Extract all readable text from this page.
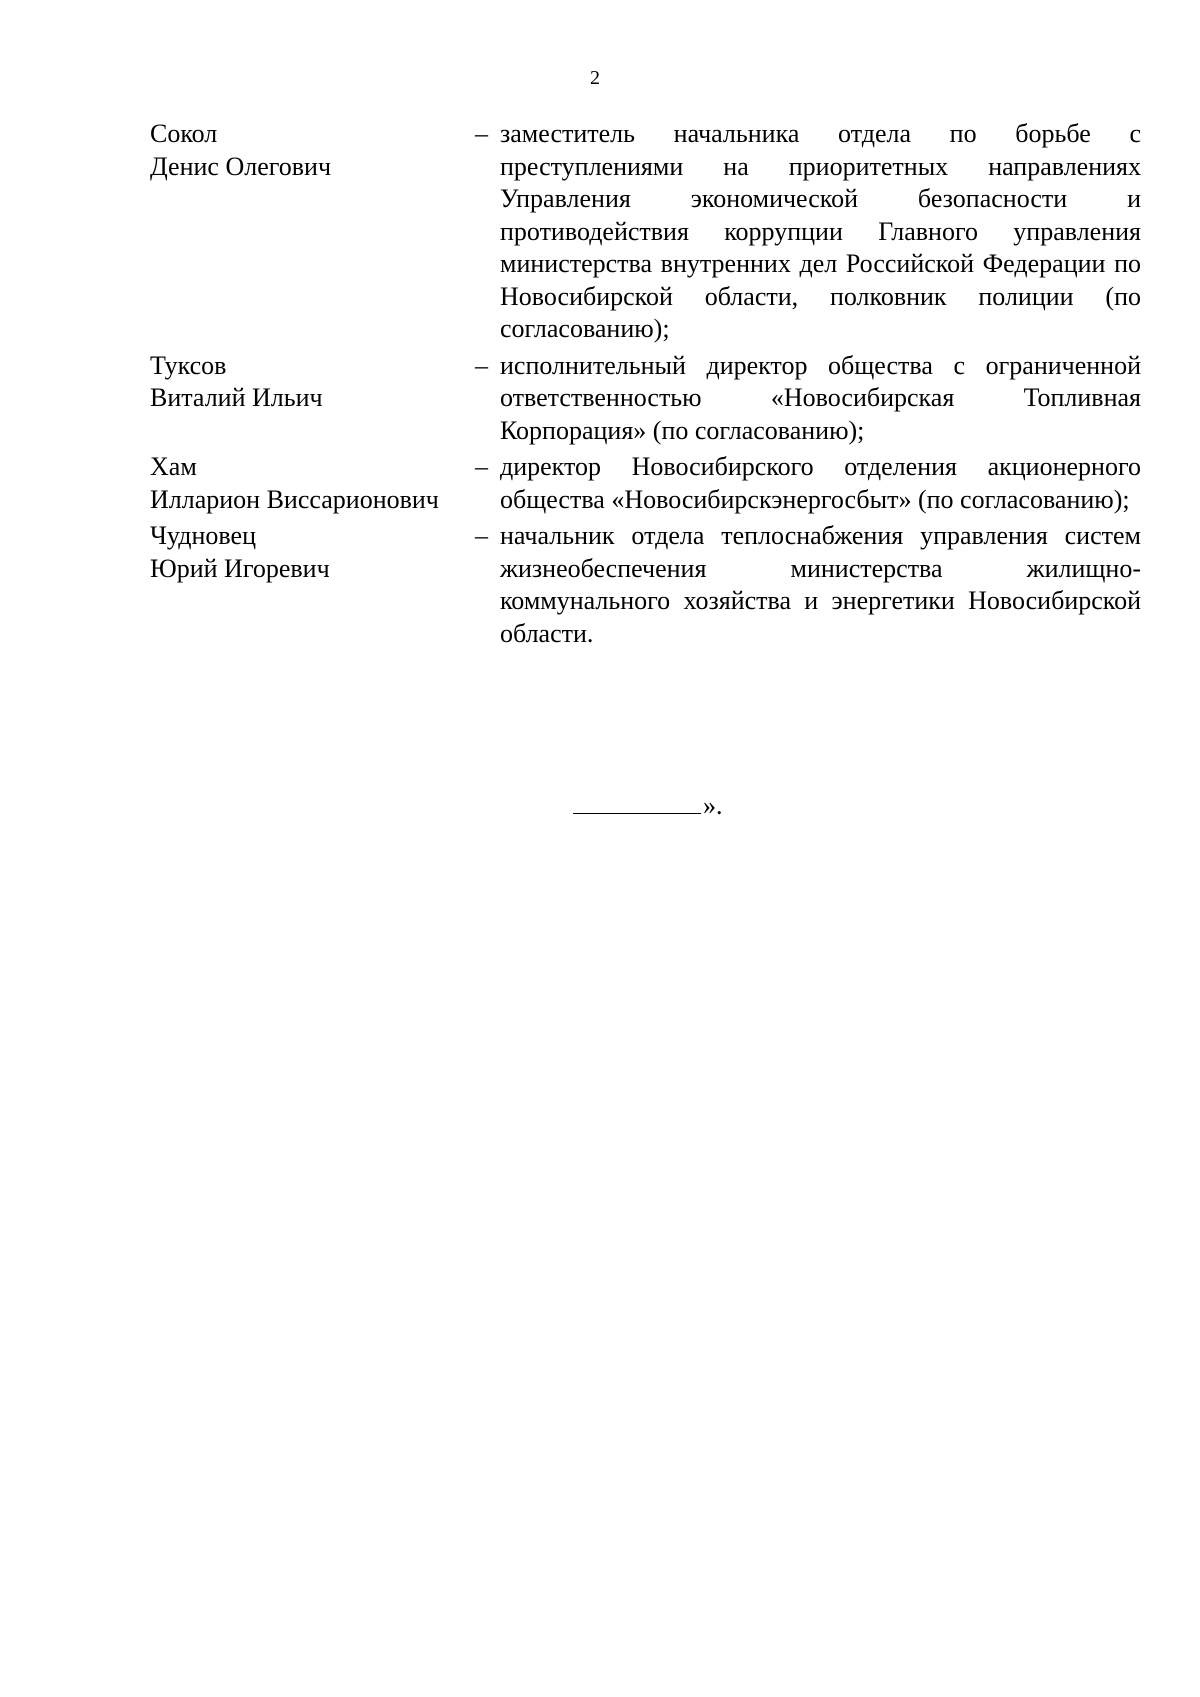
2
Сокол
Денис Олегович
– заместитель начальника отдела по борьбе с преступлениями на приоритетных направлениях Управления экономической безопасности и противодействия коррупции Главного управления министерства внутренних дел Российской Федерации по Новосибирской области, полковник полиции (по согласованию);
Туксов
Виталий Ильич
– исполнительный директор общества с ограниченной ответственностью «Новосибирская Топливная Корпорация» (по согласованию);
Хам
Илларион Виссарионович
– директор Новосибирского отделения акционерного общества «Новосибирскэнергосбыт» (по согласованию);
Чудновец
Юрий Игоревич
– начальник отдела теплоснабжения управления систем жизнеобеспечения министерства жилищно-коммунального хозяйства и энергетики Новосибирской области.
».
